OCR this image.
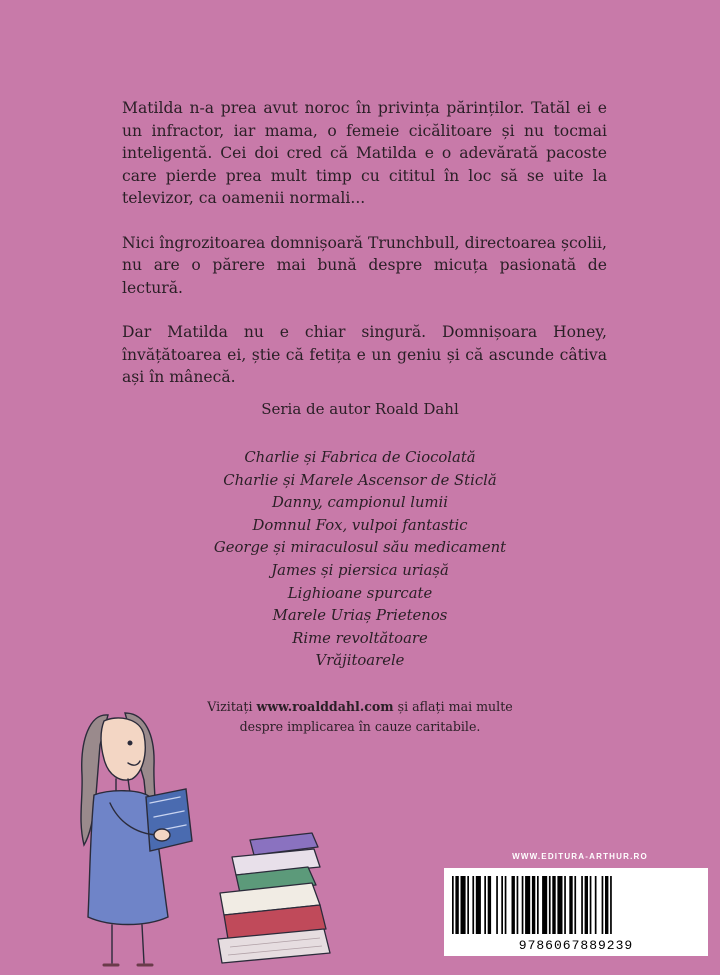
Matilda n-a prea avut noroc în privința părinților. Tatăl ei e un infractor, iar mama, o femeie cicălitoare și nu tocmai inteligentă. Cei doi cred că Matilda e o adevărată pacoste care pierde prea mult timp cu cititul în loc să se uite la televizor, ca oamenii normali...

Nici îngrozitoarea domnișoară Trunchbull, directoarea școlii, nu are o părere mai bună despre micuța pasionată de lectură.

Dar Matilda nu e chiar singură. Domnișoara Honey, învățătoarea ei, știe că fetița e un geniu și că ascunde câtiva ași în mânecă.

Seria de autor Roald Dahl
Charlie și Fabrica de Ciocolată
Charlie și Marele Ascensor de Sticlă
Danny, campionul lumii
Domnul Fox, vulpoi fantastic
George și miraculosul său medicament
James și piersica uriașă
Lighioane spurcate
Marele Uriaș Prietenos
Rime revoltătoare
Vrăjitoarele
Vizitați www.roalddahl.com și aflați mai multe
despre implicarea în cauze caritabile.
WWW.EDITURA-ARTHUR.RO
9786067889239
